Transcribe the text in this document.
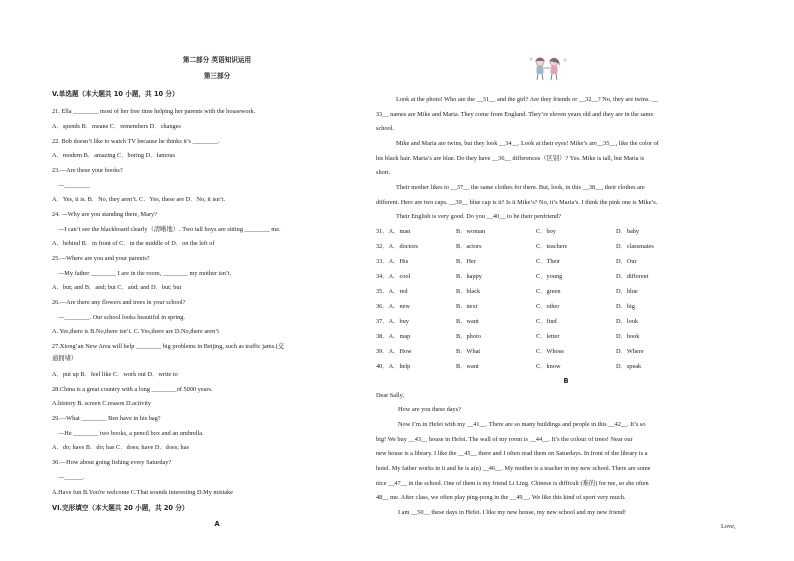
第二部分 英语知识运用
第三部分
V.单选题（本大题共 10 小题，共 10 分）
21. Ella ________ most of her free time helping her parents with the housework.
A．spends B．means C．remembers D．changes
22. Bob doesn’t like to watch TV because he thinks it’s ________.
A．modern B．amazing C．boring D．famous
23.—Are these your books?
—________
A．Yes, it is. B．No, they aren’t. C．Yes, these are D．No, it isn’t.
24. —Why are you standing there, Mary?
—I can’t see the blackboard clearly（清晰地）. Two tall boys are sitting ________ me.
A．behind B．in front of C．in the middle of D．on the left of
25.—Where are you and your parents?
—My father ________ I are in the room, ________ my mother isn’t.
A．but; and B．and; but C．and; and D．but; but
26.—Are there any flowers and trees in your school?
—________. Our school looks beautiful in spring.
A. Yes,there is B.No,there isn’t. C. Yes,there are D.No,there aren’t
27.Xiong’an New Area will help ________ big problems in Beijing, such as traffic jams.(交
通拥堵）
A．put up B．feel like C．work out D．write to
28.China is a great country with a long ________of 5000 years.
A.history B. screen C.reason D.activity
29.—What ________ Ben have in his bag?
—He ________ two books, a pencil box and an umbrella.
A．do; have B．do; has C．does; have D．does; has
30.—How about going fishing every Saturday?
—______.
A.Have fun B.You're welcome C.That sounds interesting D.My mistake
VI.完形填空（本大题共 20 小题，共 20 分）
A
Look at the photo! Who are the __31__ and the girl? Are they friends or __32__? No, they are twins. __
33__ names are Mike and Maria. They come from England. They’re eleven years old and they are in the same
school.
Mike and Maria are twins, but they look __34__. Look at their eyes! Mike’s are__35__, like the color of
his black hair. Maria’s are blue. Do they have __36__ differences（区别）? Yes. Mike is tall, but Maria is
short.
Their mother likes to __37__ the same clothes for them. But, look, in this __38__, their clothes are
different. Here are two caps. __39__ blue cap is it? Is it Mike’s? No, it’s Maria’s. I think the pink one is Mike’s.
Their English is very good. Do you __40__ to be their penfriend?
31．A．man	B．woman	C．boy	D．baby
32．A．doctors	B．actors	C．teachers	D．classmates
33．A．His	B．Her	C．Their	D．Our
34．A．cool	B．happy	C．young	D．different
35．A．red	B．black	C．green	D．blue
36．A．new	B．next	C．other	D．big
37．A．buy	B．want	C．find	D．look
38．A．map	B．photo	C．letter	D．book
39．A．How	B．What	C．Whose	D．Where
40．A．help	B．want	C．know	D．speak
B
Dear Sally,
How are you these days?
Now I’m in Hefei with my __41__. There are so many buildings and people in this __42__. It’s so
big! We buy __43__ house in Hefei. The wall of my room is __44__. It’s the colour of trees! Near our
new house is a library. I like the __45__ there and I often read them on Saturdays. In front of the library is a
hotel. My father works in it and he is a(n) __46__. My mother is a teacher in my new school. There are some
nice __47__ in the school. One of them is my friend Li Ling. Chinese is difficult (难的) for me, so she often
48__ me. After class, we often play ping-pong in the __49__. We like this kind of sport very much.
I am __50__ these days in Hefei. I like my new house, my new school and my new friend!
Love,
